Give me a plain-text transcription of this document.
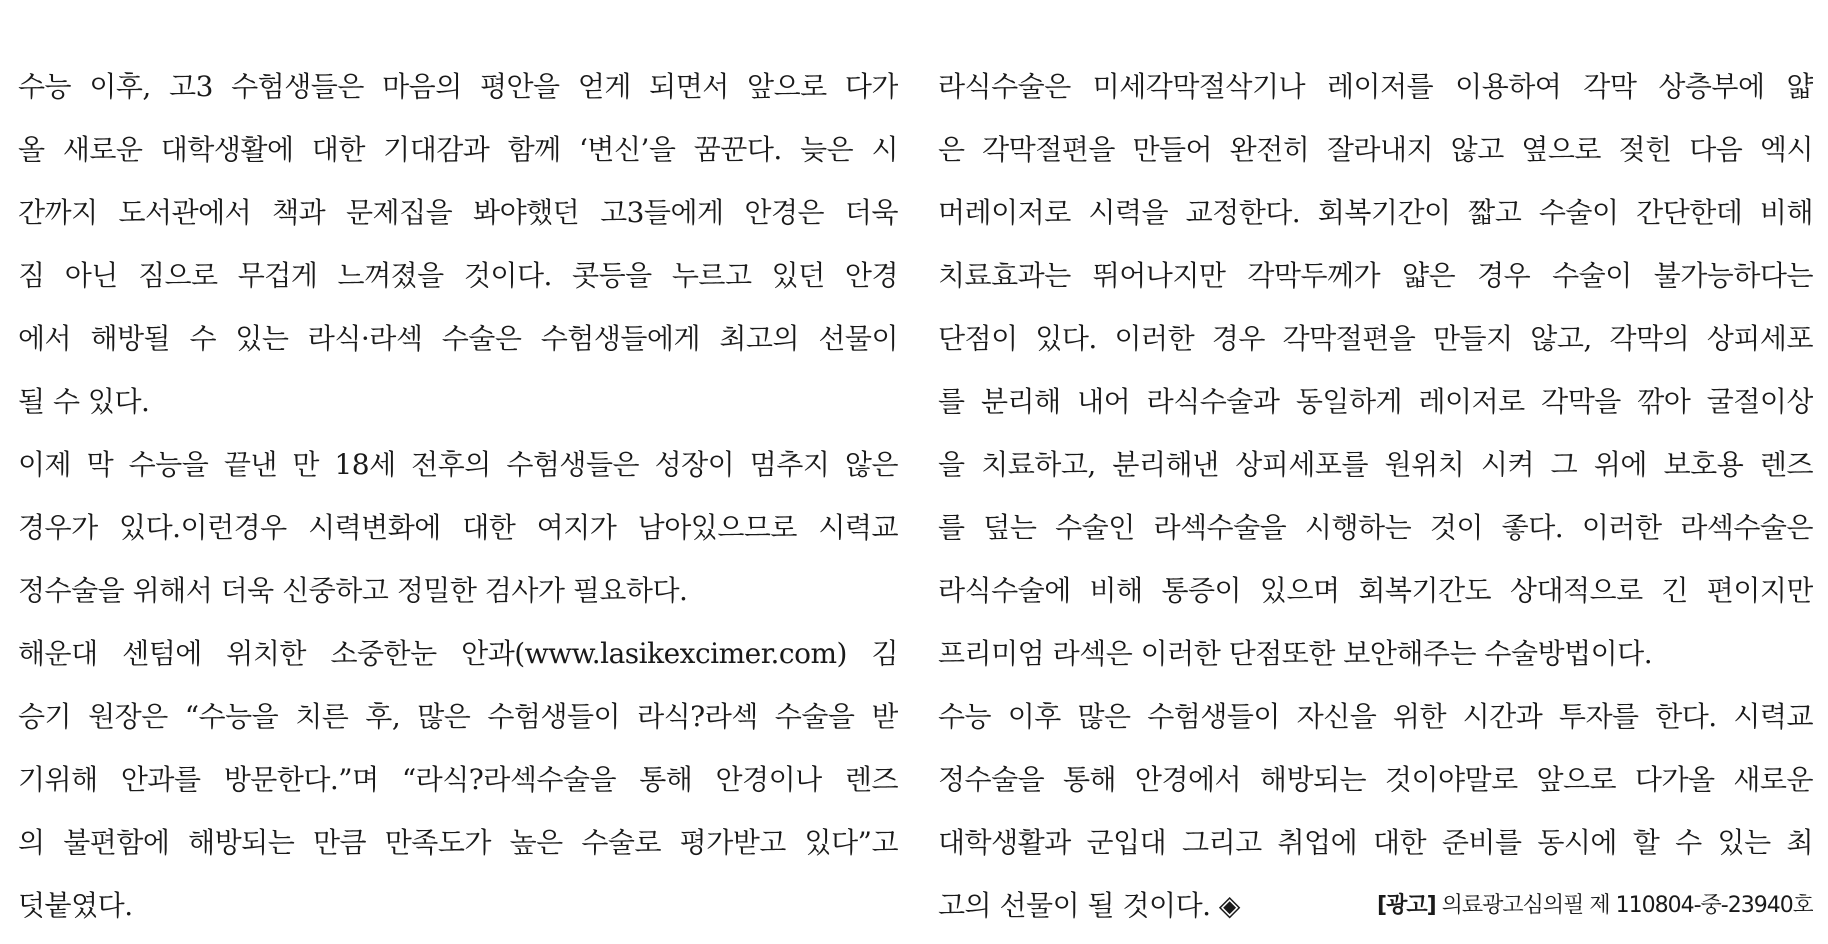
수능 이후, 고3 수험생들은 마음의 평안을 얻게 되면서 앞으로 다가
올 새로운 대학생활에 대한 기대감과 함께 ‘변신’을 꿈꾼다. 늦은 시
간까지 도서관에서 책과 문제집을 봐야했던 고3들에게 안경은 더욱
짐 아닌 짐으로 무겁게 느껴졌을 것이다. 콧등을 누르고 있던 안경
에서 해방될 수 있는 라식·라섹 수술은 수험생들에게 최고의 선물이
될 수 있다.
이제 막 수능을 끝낸 만 18세 전후의 수험생들은 성장이 멈추지 않은
경우가 있다.이런경우 시력변화에 대한 여지가 남아있으므로 시력교
정수술을 위해서 더욱 신중하고 정밀한 검사가 필요하다.
해운대 센텀에 위치한 소중한눈 안과(www.lasikexcimer.com) 김
승기 원장은 “수능을 치른 후, 많은 수험생들이 라식?라섹 수술을 받
기위해 안과를 방문한다.”며 “라식?라섹수술을 통해 안경이나 렌즈
의 불편함에 해방되는 만큼 만족도가 높은 수술로 평가받고 있다”고
덧붙였다.
라식수술은 미세각막절삭기나 레이저를 이용하여 각막 상층부에 얇
은 각막절편을 만들어 완전히 잘라내지 않고 옆으로 젖힌 다음 엑시
머레이저로 시력을 교정한다. 회복기간이 짧고 수술이 간단한데 비해
치료효과는 뛰어나지만 각막두께가 얇은 경우 수술이 불가능하다는
단점이 있다. 이러한 경우 각막절편을 만들지 않고, 각막의 상피세포
를 분리해 내어 라식수술과 동일하게 레이저로 각막을 깎아 굴절이상
을 치료하고, 분리해낸 상피세포를 원위치 시켜 그 위에 보호용 렌즈
를 덮는 수술인 라섹수술을 시행하는 것이 좋다. 이러한 라섹수술은
라식수술에 비해 통증이 있으며 회복기간도 상대적으로 긴 편이지만
프리미엄 라섹은 이러한 단점또한 보안해주는 수술방법이다.
수능 이후 많은 수험생들이 자신을 위한 시간과 투자를 한다. 시력교
정수술을 통해 안경에서 해방되는 것이야말로 앞으로 다가올 새로운
대학생활과 군입대 그리고 취업에 대한 준비를 동시에 할 수 있는 최
고의 선물이 될 것이다. ◈	[광고] 의료광고심의필 제 110804-중-23940호
